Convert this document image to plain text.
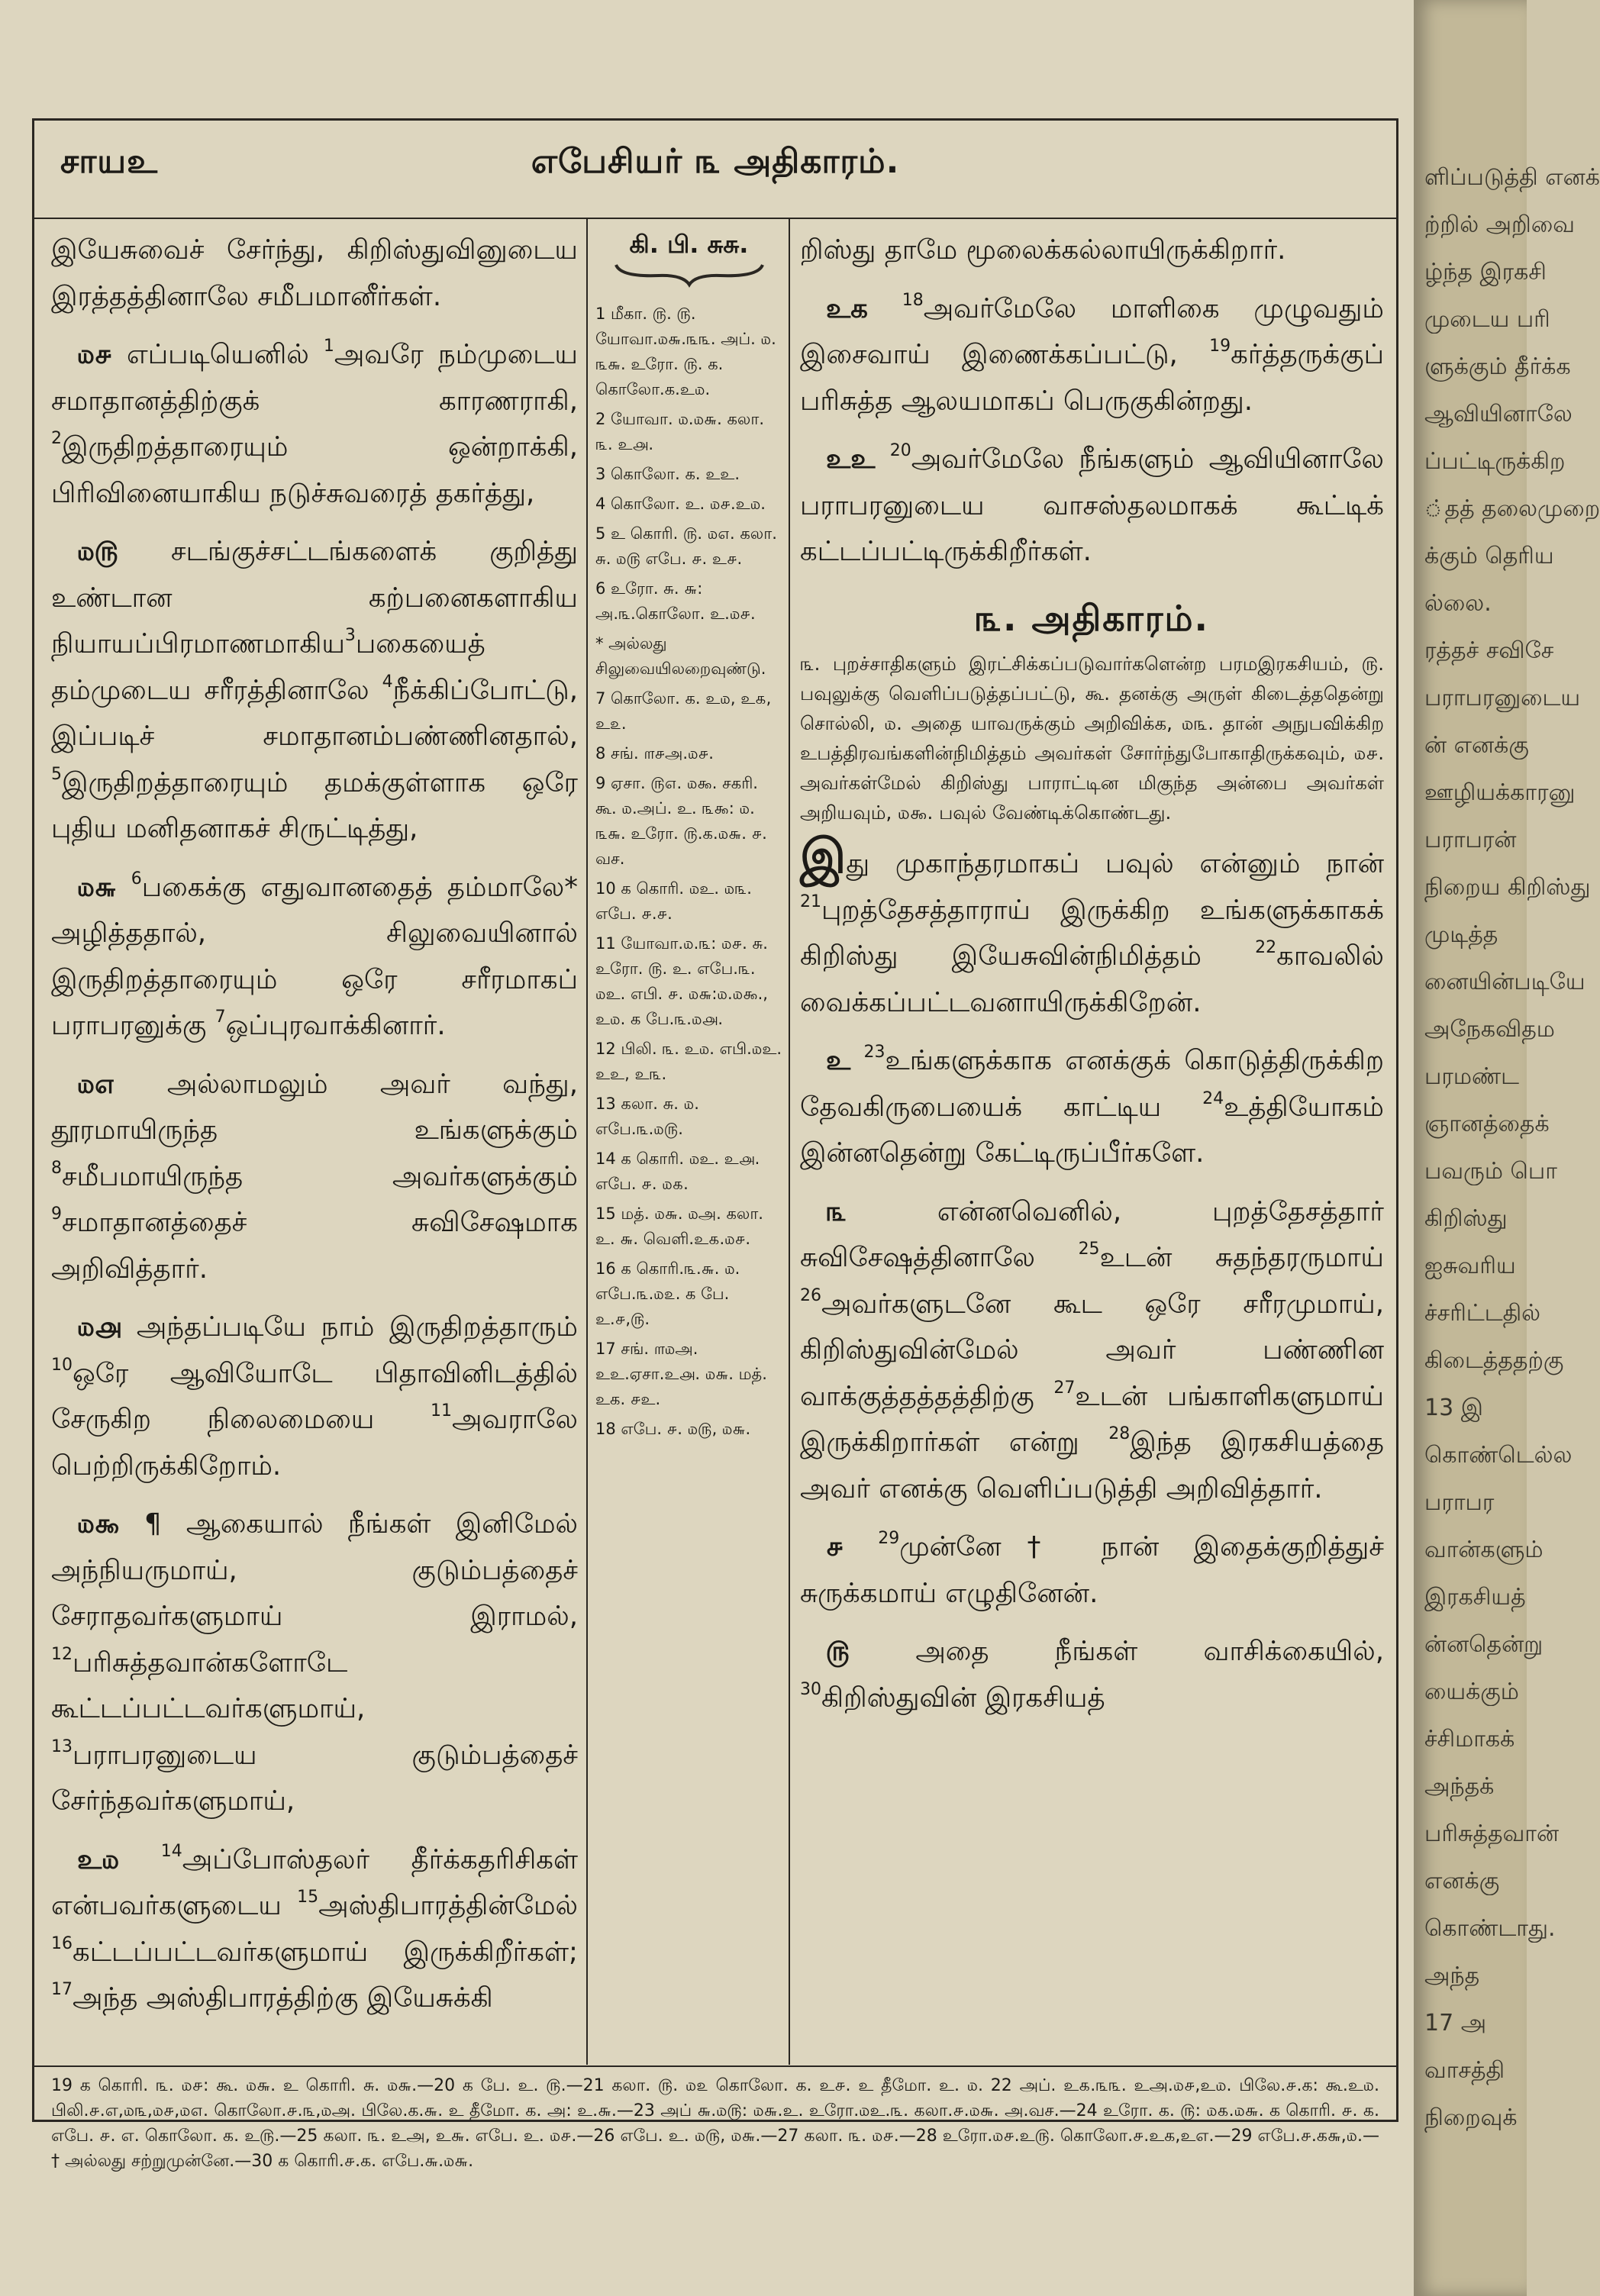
சாயஉ	எபேசியர் ௩ அதிகாரம்.

இயேசுவைச் சேர்ந்து, கிறிஸ்துவினுடைய இரத்தத்தினாலே சமீபமானீர்கள்.

௰௪ எப்படியெனில் $^1$அவரே நம்முடைய சமாதானத்திற்குக் காரணராகி, $^2$இருதிறத்தாரையும் ஒன்றாக்கி, பிரிவினையாகிய நடுச்சுவரைத் தகர்த்து,

௰௫ சடங்குச்சட்டங்களைக் குறித்து உண்டான கற்பனைகளாகிய நியாயப்பிரமாணமாகிய$^3$பகையைத் தம்முடைய சரீரத்தினாலே $^4$நீக்கிப்போட்டு, இப்படிச் சமாதானம்பண்ணினதால், $^5$இருதிறத்தாரையும் தமக்குள்ளாக ஒரே புதிய மனிதனாகச் சிருட்டித்து,

௰௬ $^6$பகைக்கு எதுவானதைத் தம்மாலே* அழித்ததால், சிலுவையினால் இருதிறத்தாரையும் ஒரே சரீரமாகப் பராபரனுக்கு $^7$ஒப்புரவாக்கினார்.

௰௭ அல்லாமலும் அவர் வந்து, தூரமாயிருந்த உங்களுக்கும் $^8$சமீபமாயிருந்த அவர்களுக்கும் $^9$சமாதானத்தைச் சுவிசேஷமாக அறிவித்தார்.

௰௮ அந்தப்படியே நாம் இருதிறத்தாரும் $^{10}$ஒரே ஆவியோடே பிதாவினிடத்தில் சேருகிற நிலைமையை	$^{11}$அவராலே பெற்றிருக்கிறோம்.

௰௯ ¶ ஆகையால் நீங்கள் இனிமேல் அந்நியருமாய், குடும்பத்தைச் சேராதவர்களுமாய் இராமல், $^{12}$பரிசுத்தவான்களோடே கூட்டப்பட்டவர்களுமாய், $^{13}$பராபரனுடைய குடும்பத்தைச் சேர்ந்தவர்களுமாய்,

உ௰ $^{14}$அப்போஸ்தலர் தீர்க்கதரிசிகள் என்பவர்களுடைய $^{15}$அஸ்திபாரத்தின்மேல் $^{16}$கட்டப்பட்டவர்களுமாய் இருக்கிறீர்கள்; $^{17}$அந்த அஸ்திபாரத்திற்கு இயேசுக்கி

கி. பி. சுசு.
1 மீகா. ௫. ௫. யோவா.௰௬.௩௩. அப். ௰. ௩௬. உரோ. ௫. க. கொலோ.க.உ௰.
2 யோவா. ௰.௰௬. கலா. ௩. உ௮.
3 கொலோ. க. உஉ.
4 கொலோ. உ. ௰௪.உ௰.
5 உ கொரி. ௫. ௰௭. கலா. சு. ௰௫ எபே. ௪. உ௪.
6 உரோ. சு. ௬: அ.௩.கொலோ. உ.௰௪.
* அல்லது சிலுவையிலறைவுண்டு.
7 கொலோ. க. உ௰, உ௧, உ௨.
8 சங். ௱௪அ.௰௪.
9 ஏசா. ௫௭. ௰௯. சகரி. கூ. ௰.அப். உ. ௩௯: ௰. ௩௬. உரோ. ௫.க.௰௬. ௪. வச.
10 க கொரி. ௰உ. ௰௩. எபே. ௪.௪.
11 யோவா.௰.௩: ௰௪. சு. உரோ. ௫. உ. எபே.௩. ௰உ. எபி. ௪. ௰௬:௰.௰௯., உ௰. க பே.௩.௰௮.
12 பிலி. ௩. உ௰. எபி.௰உ. உஉ, உ௩.
13 கலா. சு. ௰. எபே.௩.௰௫.
14 க கொரி. ௰உ. உ௮. எபே. ௪. ௰௧.
15 மத். ௰௬. ௰அ. கலா. உ. ௬. வெளி.உ௧.௰௪.
16 க கொரி.௩.௬. ௰. எபே.௩.௰௨. க பே. உ.௪,௫.
17 சங். ௱௰அ. உஉ.ஏசா.உ௮. ௰௬. மத். உக. ௪உ.
18 எபே. ௪. ௰௫, ௰௬.

றிஸ்து தாமே மூலைக்கல்லாயிருக்கிறார்.

உக $^{18}$அவர்மேலே மாளிகை முழுவதும் இசைவாய் இணைக்கப்பட்டு, $^{19}$கர்த்தருக்குப் பரிசுத்த ஆலயமாகப் பெருகுகின்றது.

உஉ $^{20}$அவர்மேலே நீங்களும் ஆவியினாலே பராபரனுடைய வாசஸ்தலமாகக் கூட்டிக் கட்டப்பட்டிருக்கிறீர்கள்.

௩. அதிகாரம்.
௩. புறச்சாதிகளும் இரட்சிக்கப்படுவார்களென்ற பரமஇரகசியம், ௫. பவுலுக்கு வெளிப்படுத்தப்பட்டு, கூ. தனக்கு அருள் கிடைத்ததென்று சொல்லி, ௰. அதை யாவருக்கும் அறிவிக்க, ௰௩. தான் அநுபவிக்கிற உபத்திரவங்களின்நிமித்தம் அவர்கள் சோர்ந்துபோகாதிருக்கவும், ௰௪. அவர்கள்மேல் கிறிஸ்து பாராட்டின மிகுந்த அன்பை அவர்கள் அறியவும், ௰௯. பவுல் வேண்டிக்கொண்டது.

இது முகாந்தரமாகப் பவுல் என்னும் நான் $^{21}$புறத்தேசத்தாராய் இருக்கிற உங்களுக்காகக் கிறிஸ்து இயேசுவின்நிமித்தம்	$^{22}$காவலில் வைக்கப்பட்டவனாயிருக்கிறேன்.

உ $^{23}$உங்களுக்காக எனக்குக் கொடுத்திருக்கிற தேவகிருபையைக் காட்டிய $^{24}$உத்தியோகம் இன்னதென்று கேட்டிருப்பீர்களே.

௩	என்னவெனில், புறத்தேசத்தார் சுவிசேஷத்தினாலே	$^{25}$உடன் சுதந்தரருமாய் $^{26}$அவர்களுடனே கூட ஒரே சரீரமுமாய், கிறிஸ்துவின்மேல் அவர் பண்ணின வாக்குத்தத்தத்திற்கு $^{27}$உடன் பங்காளிகளுமாய் இருக்கிறார்கள் என்று $^{28}$இந்த இரகசியத்தை அவர் எனக்கு வெளிப்படுத்தி அறிவித்தார்.

௪ $^{29}$முன்னே† நான் இதைக்குறித்துச் சுருக்கமாய் எழுதினேன்.

௫ அதை நீங்கள் வாசிக்கையில், $^{30}$கிறிஸ்துவின் இரகசியத்

19 க கொரி. ௩. ௰௪: கூ. ௰௬. உ கொரி. சு. ௰௬.—20 க பே. உ. ௫.—21 கலா. ௫. ௰௨ கொலோ. க. உ௪. உ தீமோ. உ. ௰. 22 அப். உ௧.௩௩. உஅ.௰௪,உ௰. பிலே.௪.க: கூ.உ௰. பிலி.௪.எ,௰௩,௰௪,௰௭. கொலோ.௪.௩,௰அ. பிலே.க.௬. உ தீமோ. க. அ: உ.௬.—23 அப் ௬.௰௫: ௰௬.உ. உரோ.௰உ.௩. கலா.௪.௰௬. அ.வச.—24 உரோ. க. ௫: ௰௧.௰௬. க கொரி. ௪. க. எபே. ௪. எ. கொலோ. க. உ௫.—25 கலா. ௩. உஅ, உ௬. எபே. உ. ௰௪.—26 எபே. உ. ௰௫, ௰௬.—27 கலா. ௩. ௰௪.—28 உரோ.௰௪.உ௫. கொலோ.௪.உக,உஎ.—29 எபே.௪.க௬,௰.—† அல்லது சற்றுமுன்னே.—30 க கொரி.௪.க. எபே.௬.௰௬.
ளிப்படுத்தி எனக்
ற்றில் அறிவை
ழ்ந்த இரகசி
முடைய பரி
ளுக்கும் தீர்க்க
ஆவியினாலே
ப்பட்டிருக்கிற
்தத் தலைமுறை
க்கும் தெரிய
ல்லை.
ரத்தச் சவிசே
பராபரனுடைய
ன் எனக்கு
ஊழியக்காரனு
பராபரன்
நிறைய கிறிஸ்து
முடித்த
னையின்படியே
அநேகவிதம
பரமண்ட
ஞானத்தைக்
பவரும் பொ
கிறிஸ்து
ஐசுவரிய
ச்சரிட்டதில்
கிடைத்ததற்கு
13 இ
கொண்டெல்ல
பராபர
வான்களும்
இரகசியத்
ன்னதென்று
யைக்கும்
ச்சிமாகக்
அந்தக்
பரிசுத்தவான்
எனக்கு
கொண்டாது.
அந்த
17 அ
வாசத்தி
நிறைவுக்
